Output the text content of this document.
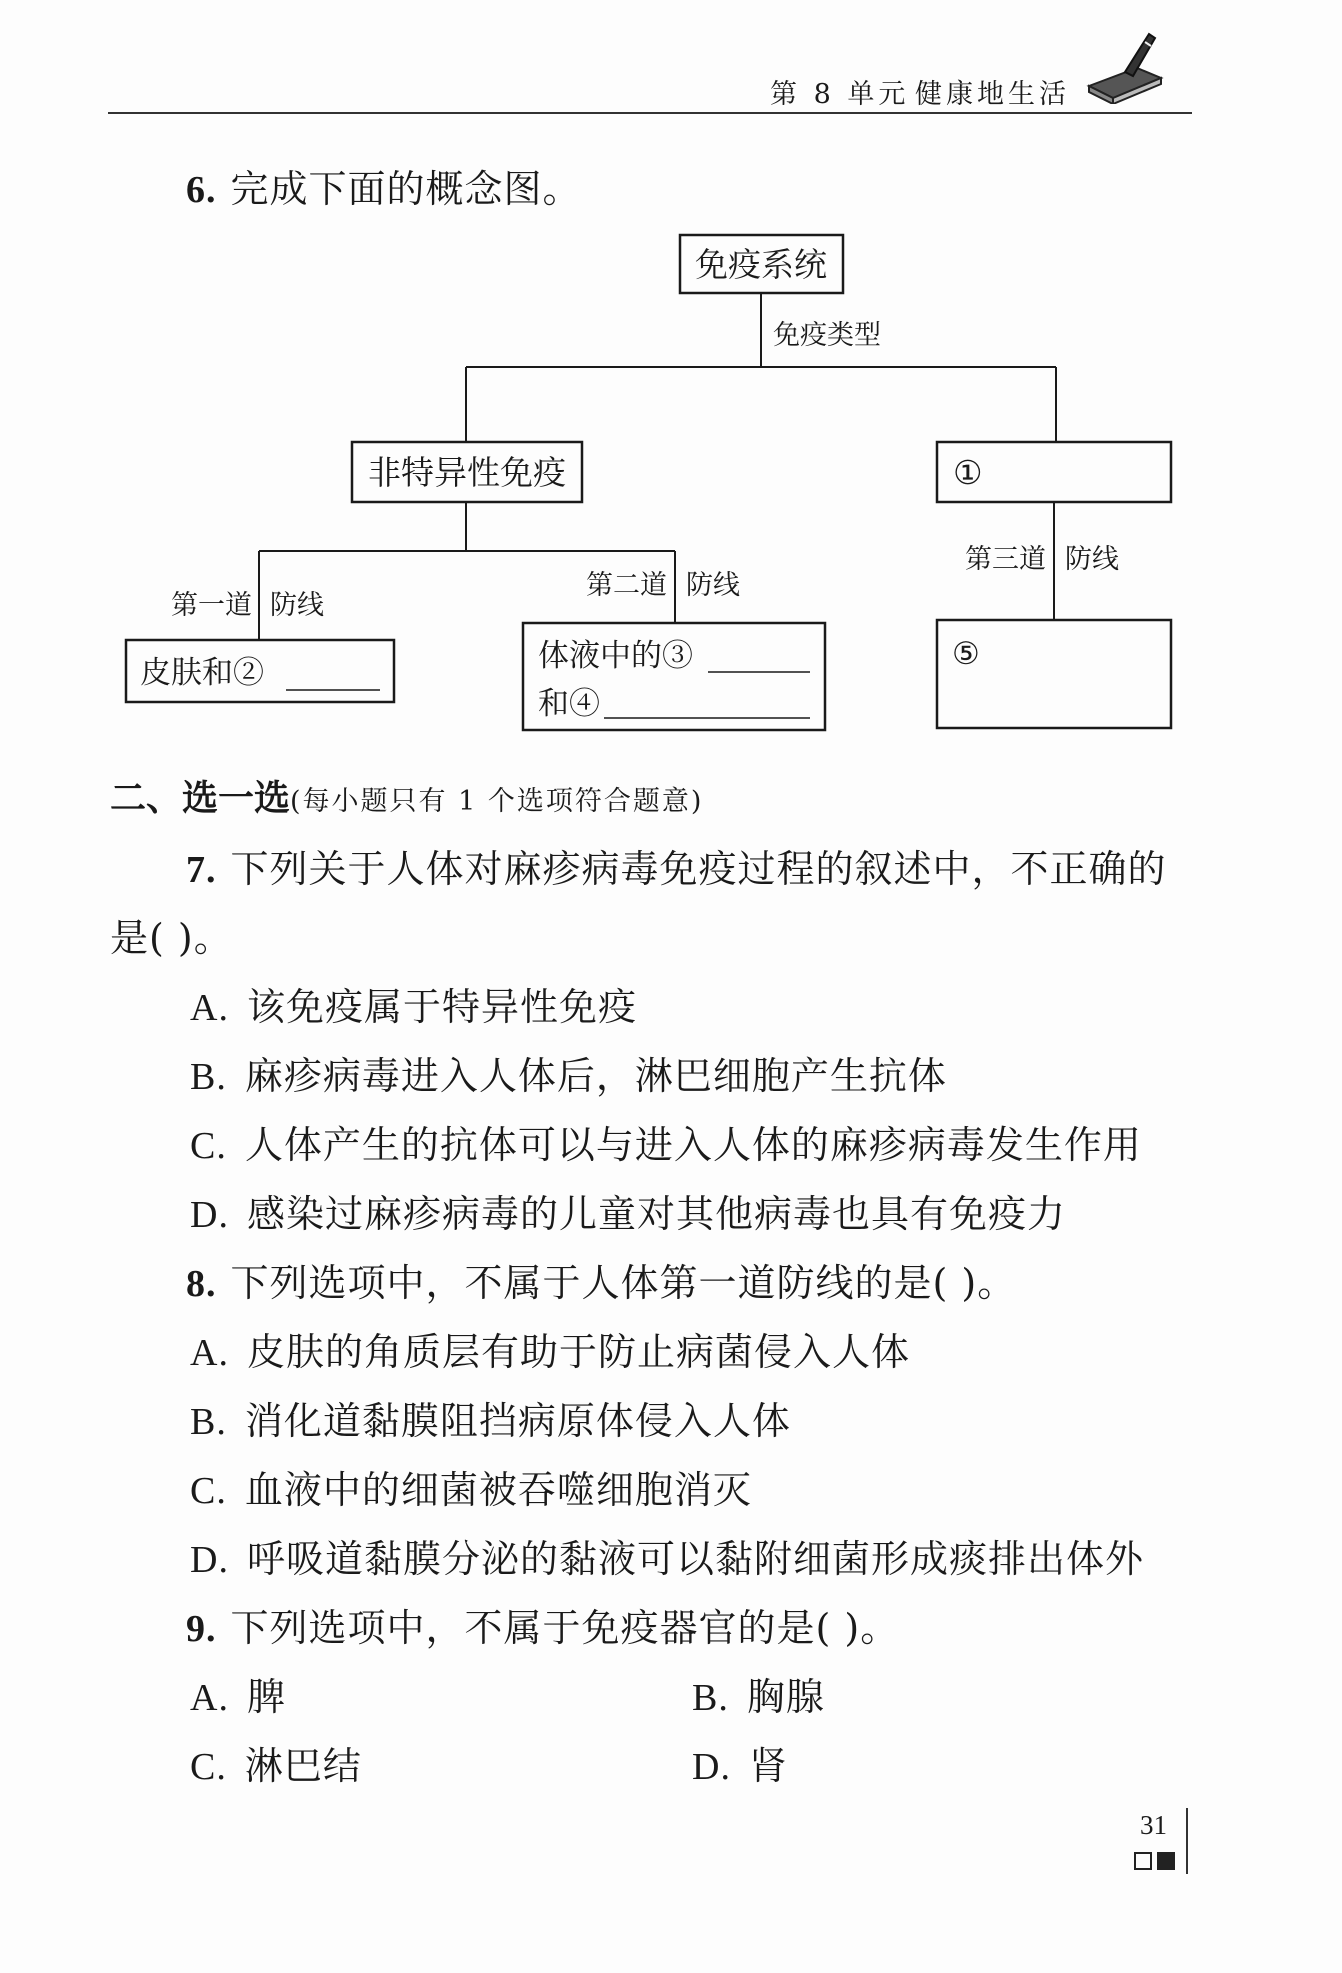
第 8 单元 健康地生活
6. 完成下面的概念图。
免疫系统
免疫类型
非特异性免疫	①
第一道 防线
第二道 防线
第三道 防线
皮肤和②	体液中的③
和④
⑤
二、选一选(每小题只有 1 个选项符合题意)
7. 下列关于人体对麻疹病毒免疫过程的叙述中，不正确的
是( )。
A. 该免疫属于特异性免疫
B. 麻疹病毒进入人体后，淋巴细胞产生抗体
C. 人体产生的抗体可以与进入人体的麻疹病毒发生作用
D. 感染过麻疹病毒的儿童对其他病毒也具有免疫力
8. 下列选项中，不属于人体第一道防线的是( )。
A. 皮肤的角质层有助于防止病菌侵入人体
B. 消化道黏膜阻挡病原体侵入人体
C. 血液中的细菌被吞噬细胞消灭
D. 呼吸道黏膜分泌的黏液可以黏附细菌形成痰排出体外
9. 下列选项中，不属于免疫器官的是( )。
A. 脾	B. 胸腺
C. 淋巴结	D. 肾
31
